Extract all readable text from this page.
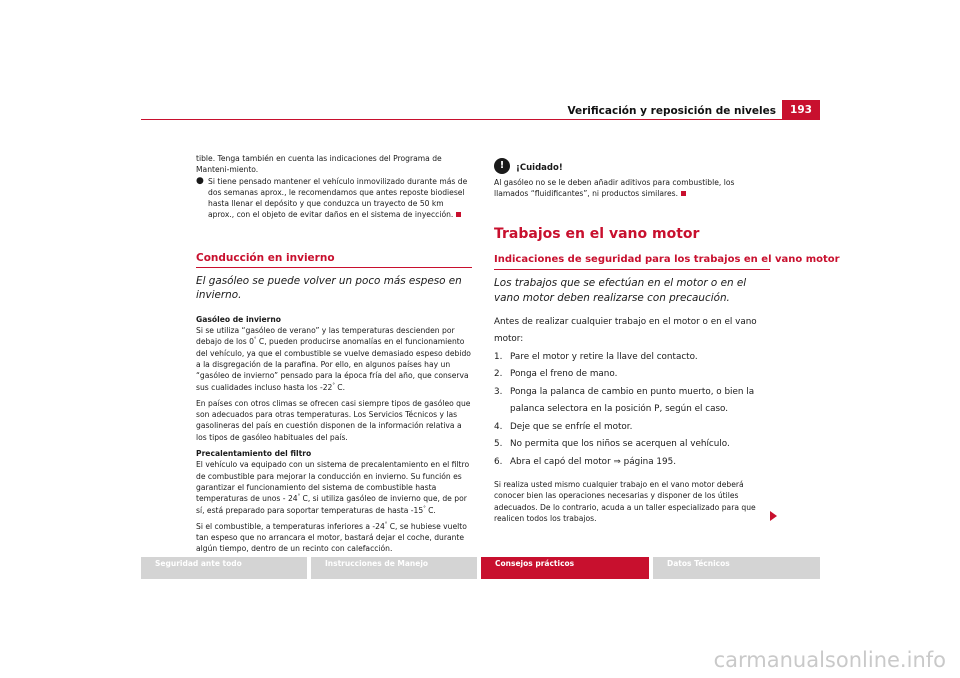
Verificación y reposición de niveles	193

tible. Tenga también en cuenta las indicaciones del Programa de Manteni-miento.

● Si tiene pensado mantener el vehículo inmovilizado durante más de dos semanas aprox., le recomendamos que antes reposte biodiesel hasta llenar el depósito y que conduzca un trayecto de 50 km aprox., con el objeto de evitar daños en el sistema de inyección.

Conducción en invierno
El gasóleo se puede volver un poco más espeso en invierno.
Gasóleo de invierno

Si se utiliza “gasóleo de verano” y las temperaturas descienden por debajo de los 0° C, pueden producirse anomalías en el funcionamiento del vehículo, ya que el combustible se vuelve demasiado espeso debido a la disgregación de la parafina. Por ello, en algunos países hay un “gasóleo de invierno” pensado para la época fría del año, que conserva sus cualidades incluso hasta los -22° C.

En países con otros climas se ofrecen casi siempre tipos de gasóleo que son adecuados para otras temperaturas. Los Servicios Técnicos y las gasolineras del país en cuestión disponen de la información relativa a los tipos de gasóleo habituales del país.

Precalentamiento del filtro

El vehículo va equipado con un sistema de precalentamiento en el filtro de combustible para mejorar la conducción en invierno. Su función es garantizar el funcionamiento del sistema de combustible hasta temperaturas de unos - 24° C, si utiliza gasóleo de invierno que, de por sí, está preparado para soportar temperaturas de hasta -15° C.

Si el combustible, a temperaturas inferiores a -24° C, se hubiese vuelto tan espeso que no arrancara el motor, bastará dejar el coche, durante algún tiempo, dentro de un recinto con calefacción.

!	¡Cuidado!

Al gasóleo no se le deben añadir aditivos para combustible, los llamados “fluidificantes”, ni productos similares.

Trabajos en el vano motor
Indicaciones de seguridad para los trabajos en el vano motor
Los trabajos que se efectúan en el motor o en el vano motor deben realizarse con precaución.

Antes de realizar cualquier trabajo en el motor o en el vano motor:

1. Pare el motor y retire la llave del contacto.
2. Ponga el freno de mano.
3. Ponga la palanca de cambio en punto muerto, o bien la palanca selectora en la posición P, según el caso.
4. Deje que se enfríe el motor.
5. No permita que los niños se acerquen al vehículo.
6. Abra el capó del motor ⇒ página 195.

Si realiza usted mismo cualquier trabajo en el vano motor deberá conocer bien las operaciones necesarias y disponer de los útiles adecuados. De lo contrario, acuda a un taller especializado para que realicen todos los trabajos.

Seguridad ante todo	Instrucciones de Manejo	Consejos prácticos	Datos Técnicos
carmanualsonline.info
